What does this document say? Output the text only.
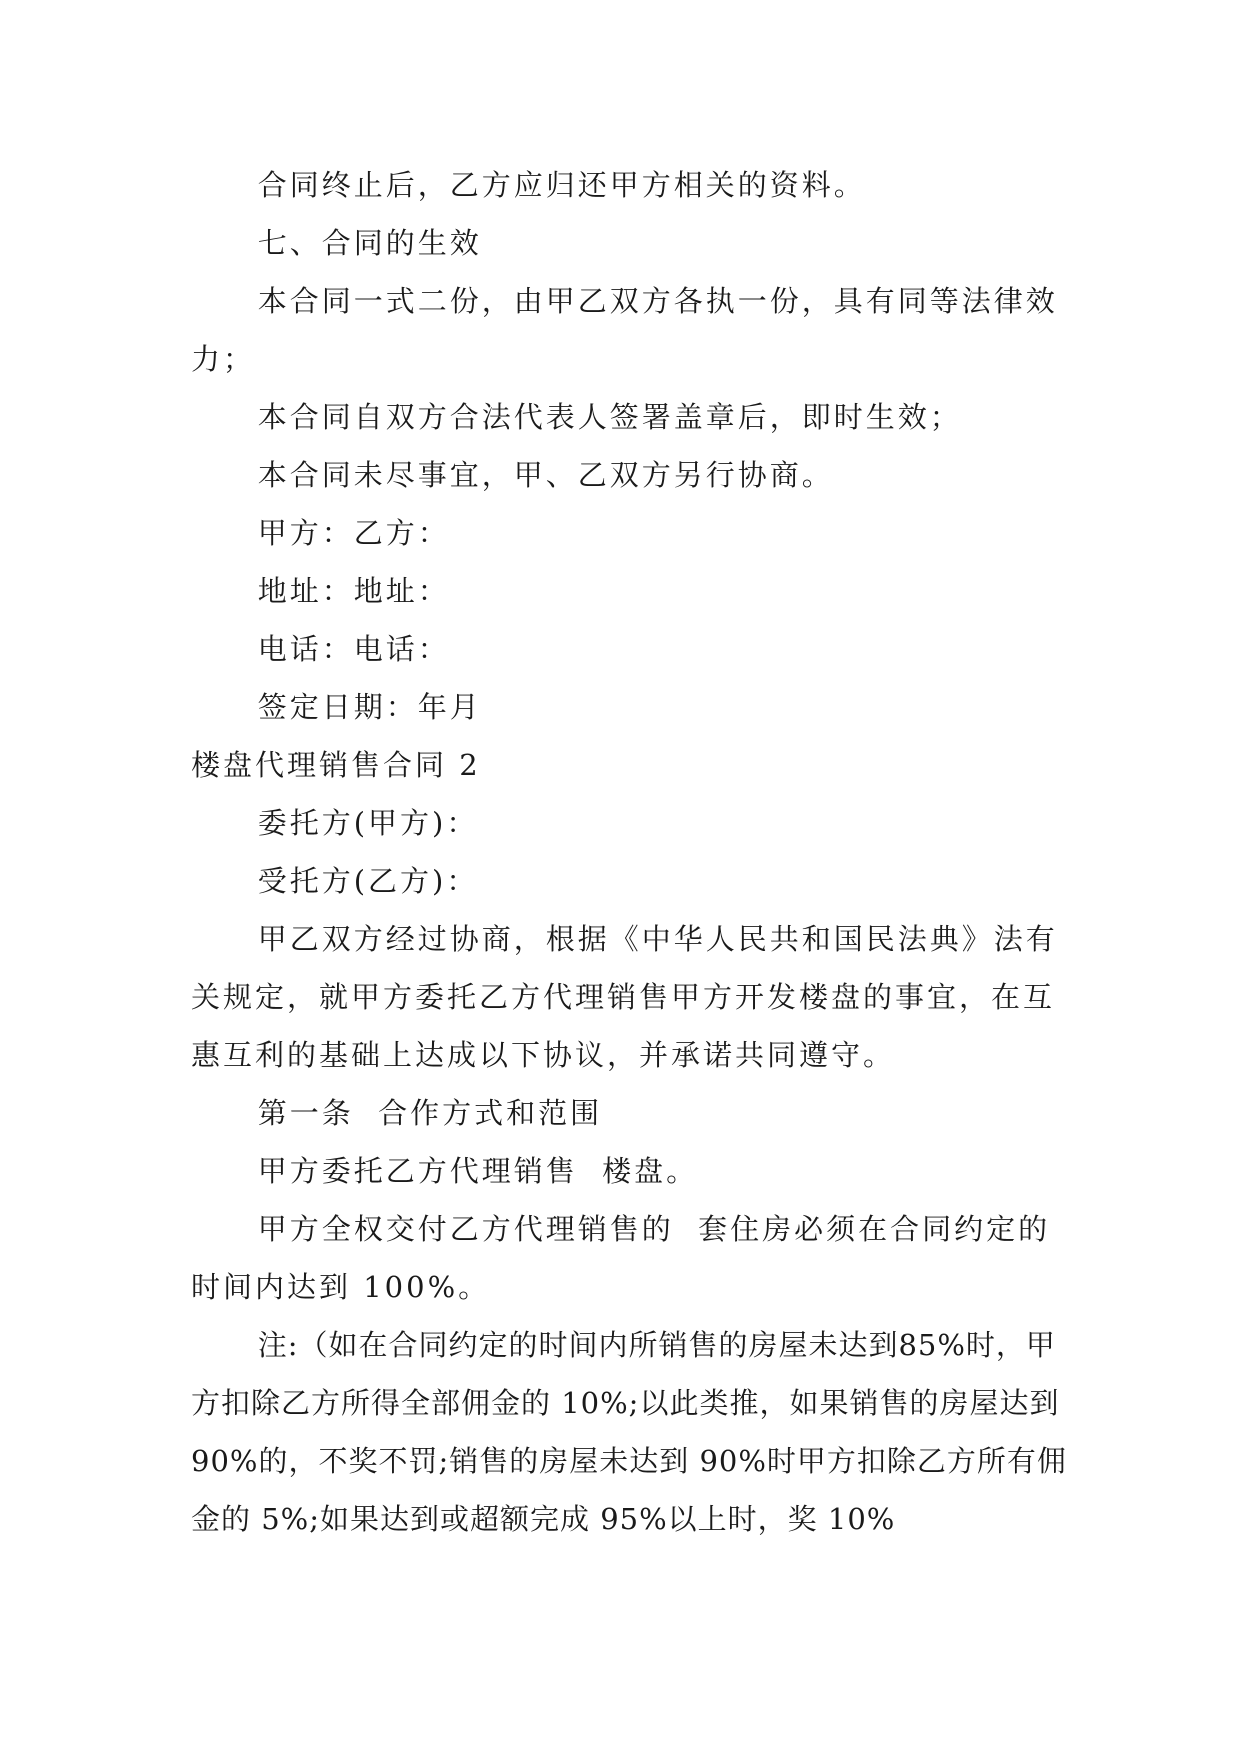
合同终止后，乙方应归还甲方相关的资料。

七、合同的生效

本合同一式二份，由甲乙双方各执一份，具有同等法律效力；

本合同自双方合法代表人签署盖章后，即时生效；

本合同未尽事宜，甲、乙双方另行协商。

甲方：乙方：

地址：地址：

电话：电话：

签定日期：年月

楼盘代理销售合同 2

委托方(甲方)：

受托方(乙方)：

甲乙双方经过协商，根据《中华人民共和国民法典》法有关规定，就甲方委托乙方代理销售甲方开发楼盘的事宜，在互惠互利的基础上达成以下协议，并承诺共同遵守。

第一条  合作方式和范围

甲方委托乙方代理销售  楼盘。

甲方全权交付乙方代理销售的  套住房必须在合同约定的时间内达到 100%。

注:（如在合同约定的时间内所销售的房屋未达到85%时，甲方扣除乙方所得全部佣金的 10%;以此类推，如果销售的房屋达到 90%的，不奖不罚;销售的房屋未达到 90%时甲方扣除乙方所有佣金的 5%;如果达到或超额完成 95%以上时，奖 10%
